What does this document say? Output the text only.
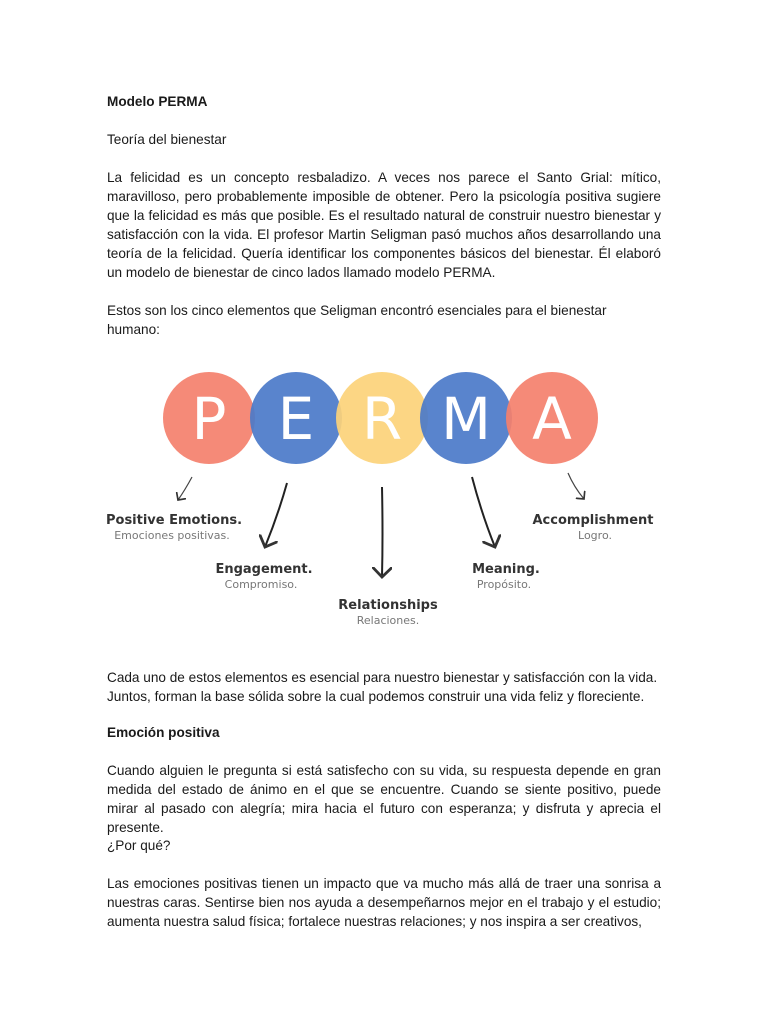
Modelo PERMA
Teoría del bienestar
La felicidad es un concepto resbaladizo. A veces nos parece el Santo Grial: mítico, maravilloso, pero probablemente imposible de obtener. Pero la psicología positiva sugiere que la felicidad es más que posible. Es el resultado natural de construir nuestro bienestar y satisfacción con la vida. El profesor Martin Seligman pasó muchos años desarrollando una teoría de la felicidad. Quería identificar los componentes básicos del bienestar. Él elaboró un modelo de bienestar de cinco lados llamado modelo PERMA.
Estos son los cinco elementos que Seligman encontró esenciales para el bienestar humano:
P E R M A
Positive Emotions.
Emociones positivas.
Engagement.
Compromiso.
Relationships
Relaciones.
Meaning.
Propósito.
Accomplishment
Logro.
Cada uno de estos elementos es esencial para nuestro bienestar y satisfacción con la vida. Juntos, forman la base sólida sobre la cual podemos construir una vida feliz y floreciente.
Emoción positiva
Cuando alguien le pregunta si está satisfecho con su vida, su respuesta depende en gran medida del estado de ánimo en el que se encuentre. Cuando se siente positivo, puede mirar al pasado con alegría; mira hacia el futuro con esperanza; y disfruta y aprecia el presente.
¿Por qué?
Las emociones positivas tienen un impacto que va mucho más allá de traer una sonrisa a nuestras caras. Sentirse bien nos ayuda a desempeñarnos mejor en el trabajo y el estudio; aumenta nuestra salud física; fortalece nuestras relaciones; y nos inspira a ser creativos,
